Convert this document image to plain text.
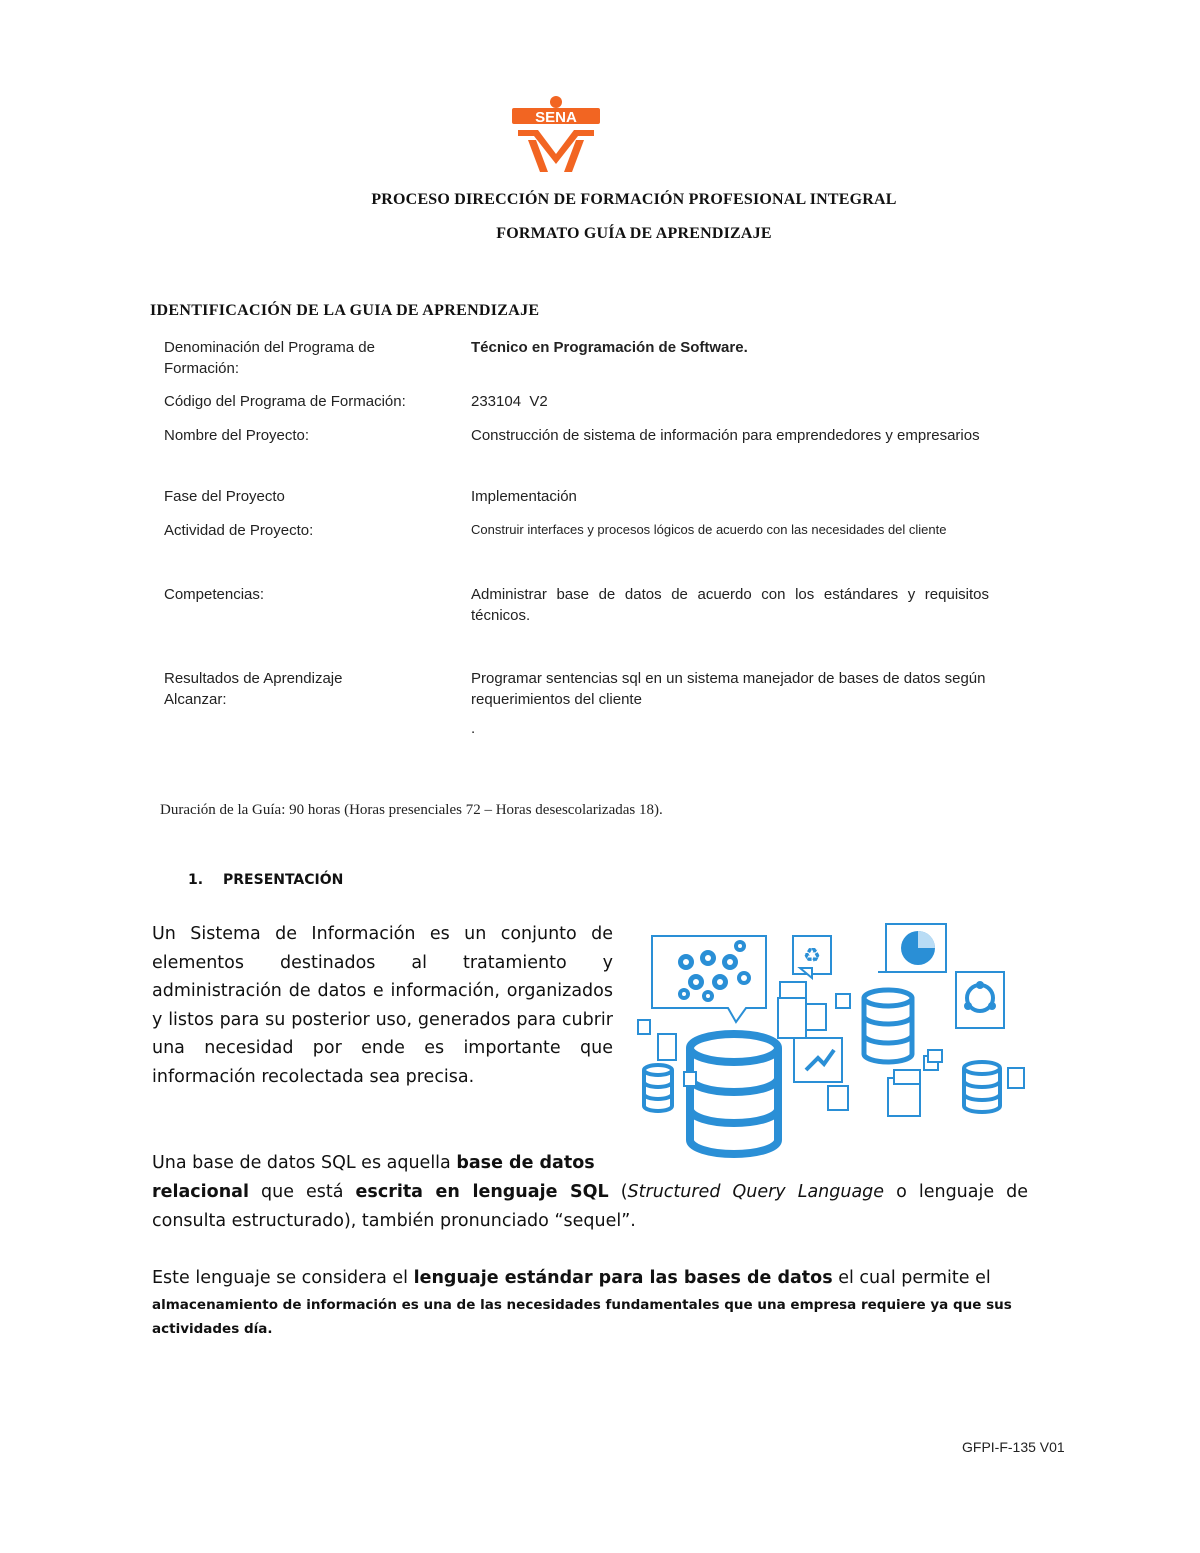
SENA
PROCESO DIRECCIÓN DE FORMACIÓN PROFESIONAL INTEGRAL
FORMATO GUÍA DE APRENDIZAJE
IDENTIFICACIÓN DE LA GUIA DE APRENDIZAJE
Denominación del Programa de Formación:
Técnico en Programación de Software.
Código del Programa de Formación:	233104  V2
Nombre del Proyecto:	Construcción de sistema de información para emprendedores y empresarios
Fase del Proyecto	Implementación
Actividad de Proyecto:	Construir interfaces y procesos lógicos de acuerdo con las necesidades del cliente
Competencias:	Administrar base de datos de acuerdo con los estándares y requisitos técnicos.
Resultados de Aprendizaje Alcanzar:
Programar sentencias sql en un sistema manejador de bases de datos según requerimientos del cliente
.
Duración de la Guía: 90 horas (Horas presenciales 72 – Horas desescolarizadas 18).
1. PRESENTACIÓN
Un Sistema de Información es un conjunto de elementos destinados al tratamiento y administración de datos e información, organizados y listos para su posterior uso, generados para cubrir una necesidad por ende es importante que información recolectada sea precisa.
♻
Una base de datos SQL es aquella base de datos
relacional que está escrita en lenguaje SQL (Structured Query Language o lenguaje de consulta estructurado), también pronunciado “sequel”.
Este lenguaje se considera el lenguaje estándar para las bases de datos el cual permite el
almacenamiento de información es una de las necesidades fundamentales que una empresa requiere ya que sus actividades día.
GFPI-F-135 V01
